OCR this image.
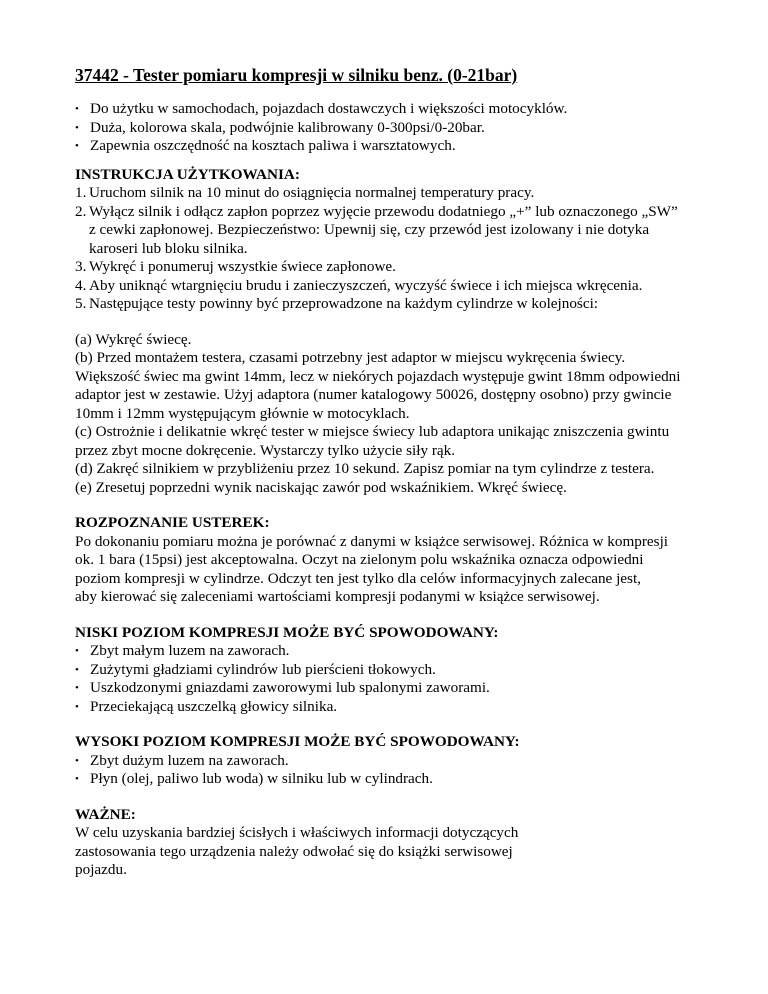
37442 - Tester pomiaru kompresji w silniku benz. (0-21bar)
• Do użytku w samochodach, pojazdach dostawczych i większości motocyklów.
• Duża, kolorowa skala, podwójnie kalibrowany 0-300psi/0-20bar.
• Zapewnia oszczędność na kosztach paliwa i warsztatowych.
INSTRUKCJA UŻYTKOWANIA:
1. Uruchom silnik na 10 minut do osiągnięcia normalnej temperatury pracy.
2. Wyłącz silnik i odłącz zapłon poprzez wyjęcie przewodu dodatniego „+” lub oznaczonego „SW”
z cewki zapłonowej. Bezpieczeństwo: Upewnij się, czy przewód jest izolowany i nie dotyka
karoseri lub bloku silnika.
3. Wykręć i ponumeruj wszystkie świece zapłonowe.
4. Aby uniknąć wtargnięciu brudu i zanieczyszczeń, wyczyść świece i ich miejsca wkręcenia.
5. Następujące testy powinny być przeprowadzone na każdym cylindrze w kolejności:
(a) Wykręć świecę.
(b) Przed montażem testera, czasami potrzebny jest adaptor w miejscu wykręcenia świecy.
Większość świec ma gwint 14mm, lecz w niekórych pojazdach występuje gwint 18mm odpowiedni
adaptor jest w zestawie. Użyj adaptora (numer katalogowy 50026, dostępny osobno) przy gwincie
10mm i 12mm występującym głównie w motocyklach.
(c) Ostrożnie i delikatnie wkręć tester w miejsce świecy lub adaptora unikając zniszczenia gwintu
przez zbyt mocne dokręcenie. Wystarczy tylko użycie siły rąk.
(d) Zakręć silnikiem w przybliżeniu przez 10 sekund. Zapisz pomiar na tym cylindrze z testera.
(e) Zresetuj poprzedni wynik naciskając zawór pod wskaźnikiem. Wkręć świecę.
ROZPOZNANIE USTEREK:
Po dokonaniu pomiaru można je porównać z danymi w książce serwisowej. Różnica w kompresji
ok. 1 bara (15psi) jest akceptowalna. Oczyt na zielonym polu wskaźnika oznacza odpowiedni
poziom kompresji w cylindrze. Odczyt ten jest tylko dla celów informacyjnych zalecane jest,
aby kierować się zaleceniami wartościami kompresji podanymi w książce serwisowej.
NISKI POZIOM KOMPRESJI MOŻE BYĆ SPOWODOWANY:
• Zbyt małym luzem na zaworach.
• Zużytymi gładziami cylindrów lub pierścieni tłokowych.
• Uszkodzonymi gniazdami zaworowymi lub spalonymi zaworami.
• Przeciekającą uszczelką głowicy silnika.
WYSOKI POZIOM KOMPRESJI MOŻE BYĆ SPOWODOWANY:
• Zbyt dużym luzem na zaworach.
• Płyn (olej, paliwo lub woda) w silniku lub w cylindrach.
WAŻNE:
W celu uzyskania bardziej ścisłych i właściwych informacji dotyczących
zastosowania tego urządzenia należy odwołać się do książki serwisowej
pojazdu.
